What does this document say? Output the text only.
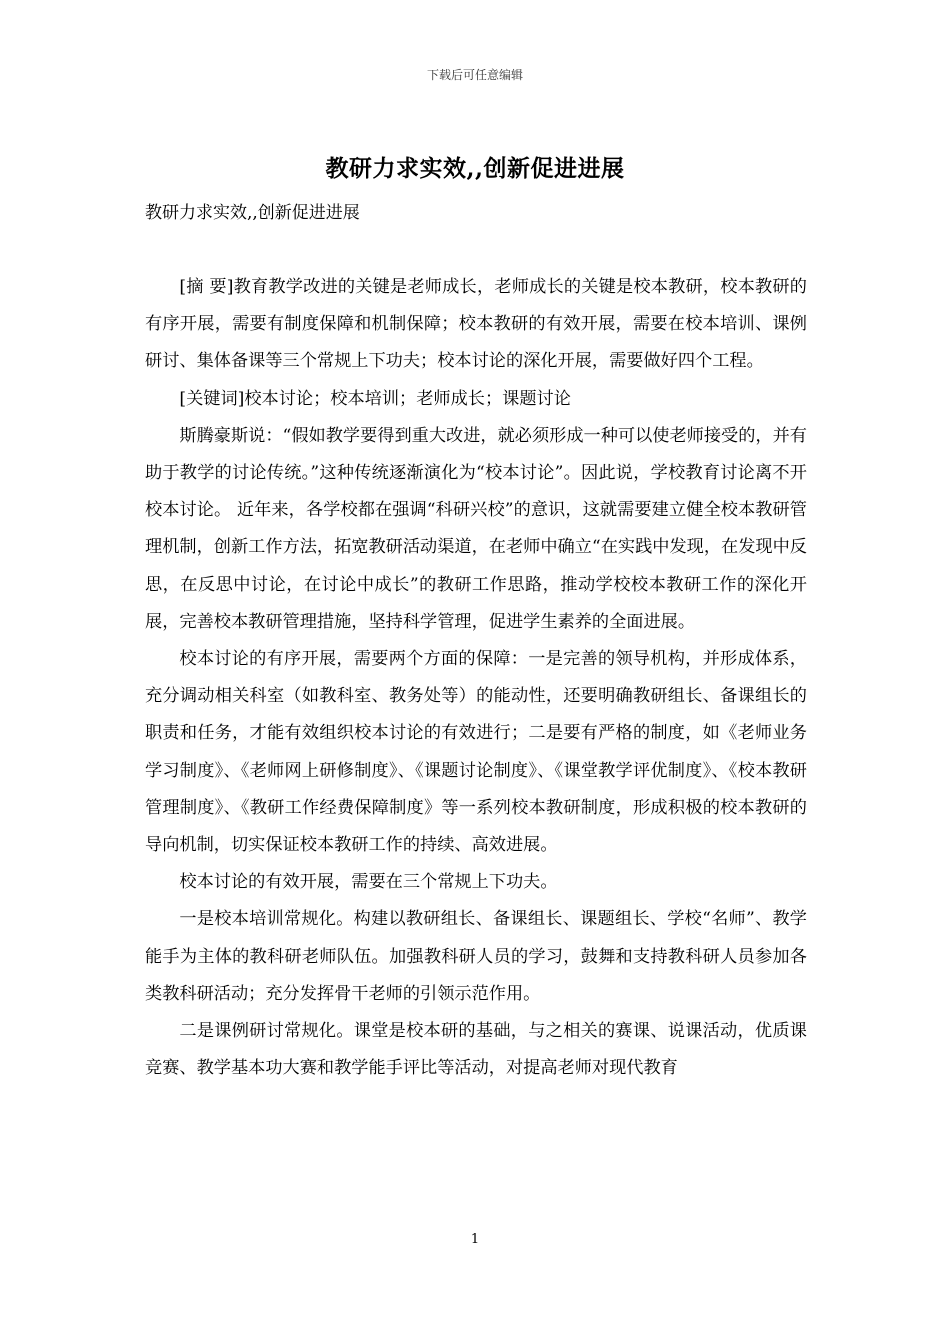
下载后可任意编辑
教研力求实效,,创新促进进展
教研力求实效,,创新促进进展

[摘 要]教育教学改进的关键是老师成长，老师成长的关键是校本教研，校本教研的有序开展，需要有制度保障和机制保障；校本教研的有效开展，需要在校本培训、课例研讨、集体备课等三个常规上下功夫；校本讨论的深化开展，需要做好四个工程。

[关键词]校本讨论；校本培训；老师成长；课题讨论

斯腾豪斯说：“假如教学要得到重大改进，就必须形成一种可以使老师接受的，并有助于教学的讨论传统。”这种传统逐渐演化为“校本讨论”。因此说，学校教育讨论离不开校本讨论。 近年来，各学校都在强调“科研兴校”的意识，这就需要建立健全校本教研管理机制，创新工作方法，拓宽教研活动渠道，在老师中确立“在实践中发现，在发现中反思，在反思中讨论，在讨论中成长”的教研工作思路，推动学校校本教研工作的深化开展，完善校本教研管理措施，坚持科学管理，促进学生素养的全面进展。

校本讨论的有序开展，需要两个方面的保障：一是完善的领导机构，并形成体系，充分调动相关科室（如教科室、教务处等）的能动性，还要明确教研组长、备课组长的职责和任务，才能有效组织校本讨论的有效进行；二是要有严格的制度，如《老师业务学习制度》、《老师网上研修制度》、《课题讨论制度》、《课堂教学评优制度》、《校本教研管理制度》、《教研工作经费保障制度》等一系列校本教研制度，形成积极的校本教研的导向机制，切实保证校本教研工作的持续、高效进展。

校本讨论的有效开展，需要在三个常规上下功夫。

一是校本培训常规化。构建以教研组长、备课组长、课题组长、学校“名师”、教学能手为主体的教科研老师队伍。加强教科研人员的学习，鼓舞和支持教科研人员参加各类教科研活动；充分发挥骨干老师的引领示范作用。

二是课例研讨常规化。课堂是校本研的基础，与之相关的赛课、说课活动，优质课竞赛、教学基本功大赛和教学能手评比等活动，对提高老师对现代教育

1
